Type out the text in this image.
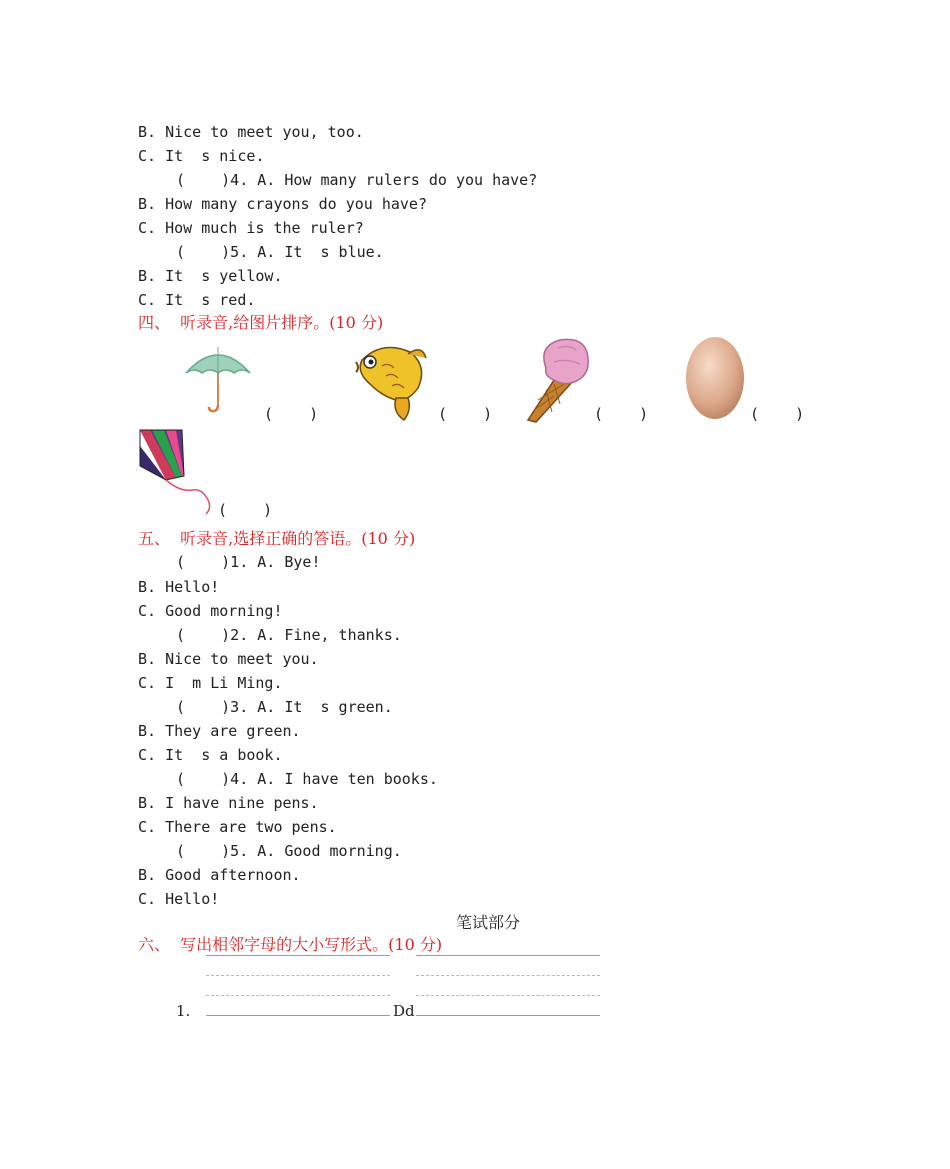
B. Nice to meet you, too.
C. It  s nice.
(    )4. A. How many rulers do you have?
B. How many crayons do you have?
C. How much is the ruler?
(    )5. A. It  s blue.
B. It  s yellow.
C. It  s red.
四、  听录音,给图片排序。(10 分)
(    )	(    )	(    )	(    )
(    )
五、  听录音,选择正确的答语。(10 分)
(    )1. A. Bye!
B. Hello!
C. Good morning!
(    )2. A. Fine, thanks.
B. Nice to meet you.
C. I  m Li Ming.
(    )3. A. It  s green.
B. They are green.
C. It  s a book.
(    )4. A. I have ten books.
B. I have nine pens.
C. There are two pens.
(    )5. A. Good morning.
B. Good afternoon.
C. Hello!
笔试部分
六、  写出相邻字母的大小写形式。(10 分)
1.	Dd
